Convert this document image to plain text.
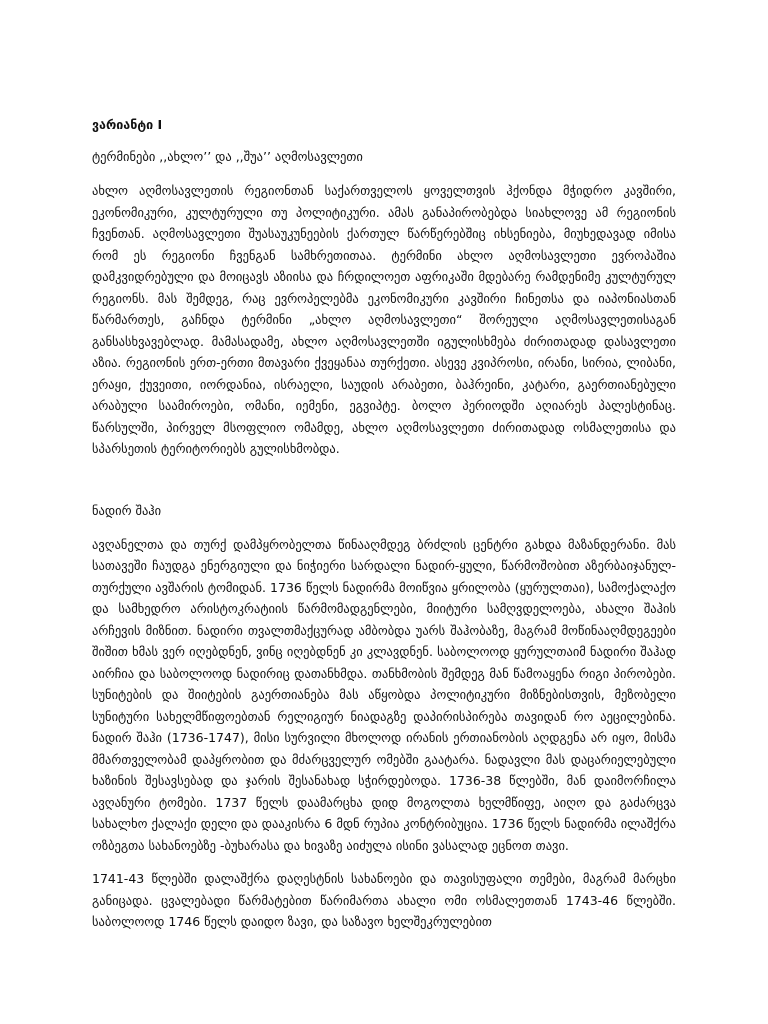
ვარიანტი I
ტერმინები ,,ახლო’’ და ,,შუა’’ აღმოსავლეთი

ახლო აღმოსავლეთის რეგიონთან საქართველოს ყოველთვის ჰქონდა მჭიდრო კავშირი, ეკონომიკური, კულტურული თუ პოლიტიკური. ამას განაპირობებდა სიახლოვე ამ რეგიონის ჩვენთან. აღმოსავლეთი შუასაუკუნეების ქართულ წარწერებშიც იხსენიება, მიუხედავად იმისა რომ ეს რეგიონი ჩვენგან სამხრეთითაა. ტერმინი ახლო აღმოსავლეთი ევროპაშია დამკვიდრებული და მოიცავს აზიისა და ჩრდილოეთ აფრიკაში მდებარე რამდენიმე კულტურულ რეგიონს. მას შემდეგ, რაც ევროპელებმა ეკონომიკური კავშირი ჩინეთსა და იაპონიასთან წარმართეს, გაჩნდა ტერმინი „ახლო აღმოსავლეთი“ შორეული აღმოსავლეთისაგან განსასხვავებლად. მამასადამე, ახლო აღმოსავლეთში იგულისხმება ძირითადად დასავლეთი აზია. რეგიონის ერთ-ერთი მთავარი ქვეყანაა თურქეთი. ასევე კვიპროსი, ირანი, სირია, ლიბანი, ერაყი, ქუვეითი, იორდანია, ისრაელი, საუდის არაბეთი, ბაჰრეინი, კატარი, გაერთიანებული არაბული საამიროები, ომანი, იემენი, ეგვიპტე. ბოლო პერიოდში აღიარეს პალესტინაც. წარსულში, პირველ მსოფლიო ომამდე, ახლო აღმოსავლეთი ძირითადად ოსმალეთისა და სპარსეთის ტერიტორიებს გულისხმობდა.

ნადირ შაჰი

ავღანელთა და თურქ დამპყრობელთა წინააღმდეგ ბრძლის ცენტრი გახდა მაზანდერანი. მას სათავეში ჩაუდგა ენერგიული და ნიჭიერი სარდალი ნადირ-ყული, წარმოშობით აზერბაიჯანულ-თურქული ავშარის ტომიდან. 1736 წელს ნადირმა მოიწვია ყრილობა (ყურულთაი), სამოქალაქო და სამხედრო არისტოკრატიის წარმომადგენლები, მიიტური სამღვდელოება, ახალი შაჰის არჩევის მიზნით. ნადირი თვალთმაქცურად ამბობდა უარს შაჰობაზე, მაგრამ მოწინააღმდეგეები შიშით ხმას ვერ იღებდნენ, ვინც იღებდნენ კი კლავდნენ. საბოლოოდ ყურულთაიმ ნადირი შაჰად აირჩია და საბოლოოდ ნადირიც დათანხმდა. თანხმობის შემდეგ მან წამოაყენა რიგი პირობები. სუნიტების და შიიტების გაერთიანება მას აწყობდა პოლიტიკური მიზნებისთვის, მეზობელი სუნიტური სახელმწიფოებთან რელიგიურ ნიადაგზე დაპირისპირება თავიდან რო აეცილებინა. ნადირ შაჰი (1736-1747), მისი სურვილი მხოლოდ ირანის ერთიანობის აღდგენა არ იყო, მისმა მმართველობამ დაპყრობით და მძარცველურ ომებში გაატარა. ნადავლი მას დაცარიელებული ხაზინის შესავსებად და ჯარის შესანახად სჭირდებოდა. 1736-38 წლებში, მან დაიმორჩილა ავღანური ტომები. 1737 წელს დაამარცხა დიდ მოგოლთა ხელმწიფე, აიღო და გაძარცვა სახალხო ქალაქი დელი და დააკისრა 6 მდნ რუპია კონტრიბუცია. 1736 წელს ნადირმა ილაშქრა ოზბეგთა სახანოებზე -ბუხარასა და ხივაზე აიძულა ისინი ვასალად ეცნოთ თავი.

1741-43 წლებში დალაშქრა დაღესტნის სახანოები და თავისუფალი თემები, მაგრამ მარცხი განიცადა. ცვალებადი წარმატებით წარიმართა ახალი ომი ოსმალეთთან 1743-46 წლებში. საბოლოოდ 1746 წელს დაიდო ზავი, და საზავო ხელშეკრულებით
